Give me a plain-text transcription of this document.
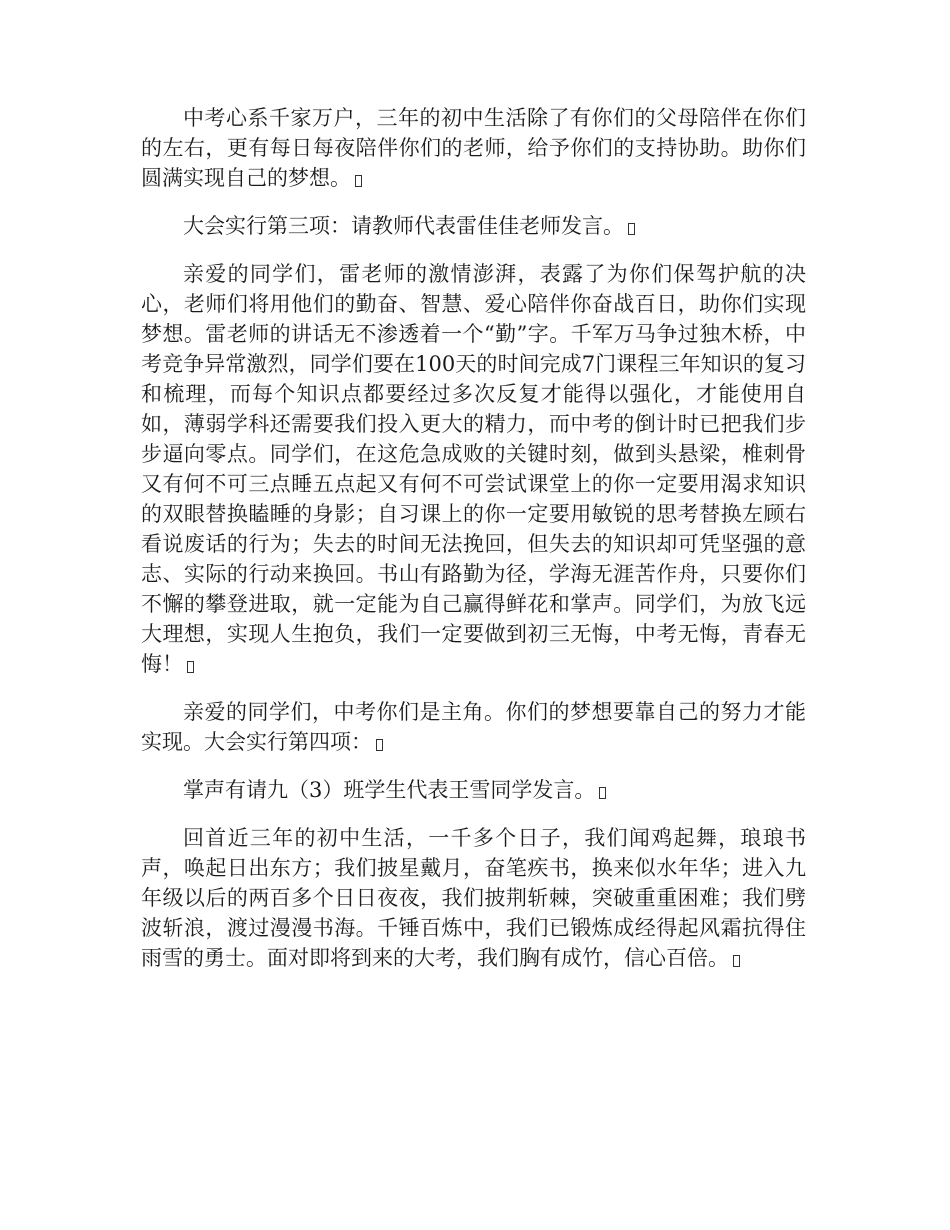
中考心系千家万户，三年的初中生活除了有你们的父母陪伴在你们的左右，更有每日每夜陪伴你们的老师，给予你们的支持协助。助你们圆满实现自己的梦想。

大会实行第三项：请教师代表雷佳佳老师发言。

亲爱的同学们，雷老师的激情澎湃，表露了为你们保驾护航的决心，老师们将用他们的勤奋、智慧、爱心陪伴你奋战百日，助你们实现梦想。雷老师的讲话无不渗透着一个“勤”字。千军万马争过独木桥，中考竞争异常激烈，同学们要在100天的时间完成7门课程三年知识的复习和梳理，而每个知识点都要经过多次反复才能得以强化，才能使用自如，薄弱学科还需要我们投入更大的精力，而中考的倒计时已把我们步步逼向零点。同学们，在这危急成败的关键时刻，做到头悬梁，椎刺骨又有何不可三点睡五点起又有何不可尝试课堂上的你一定要用渴求知识的双眼替换瞌睡的身影；自习课上的你一定要用敏锐的思考替换左顾右看说废话的行为；失去的时间无法挽回，但失去的知识却可凭坚强的意志、实际的行动来换回。书山有路勤为径，学海无涯苦作舟，只要你们不懈的攀登进取，就一定能为自己赢得鲜花和掌声。同学们，为放飞远大理想，实现人生抱负，我们一定要做到初三无悔，中考无悔，青春无悔！

亲爱的同学们，中考你们是主角。你们的梦想要靠自己的努力才能实现。大会实行第四项：

掌声有请九（3）班学生代表王雪同学发言。

回首近三年的初中生活，一千多个日子，我们闻鸡起舞，琅琅书声，唤起日出东方；我们披星戴月，奋笔疾书，换来似水年华；进入九年级以后的两百多个日日夜夜，我们披荆斩棘，突破重重困难；我们劈波斩浪，渡过漫漫书海。千锤百炼中，我们已锻炼成经得起风霜抗得住雨雪的勇士。面对即将到来的大考，我们胸有成竹，信心百倍。
